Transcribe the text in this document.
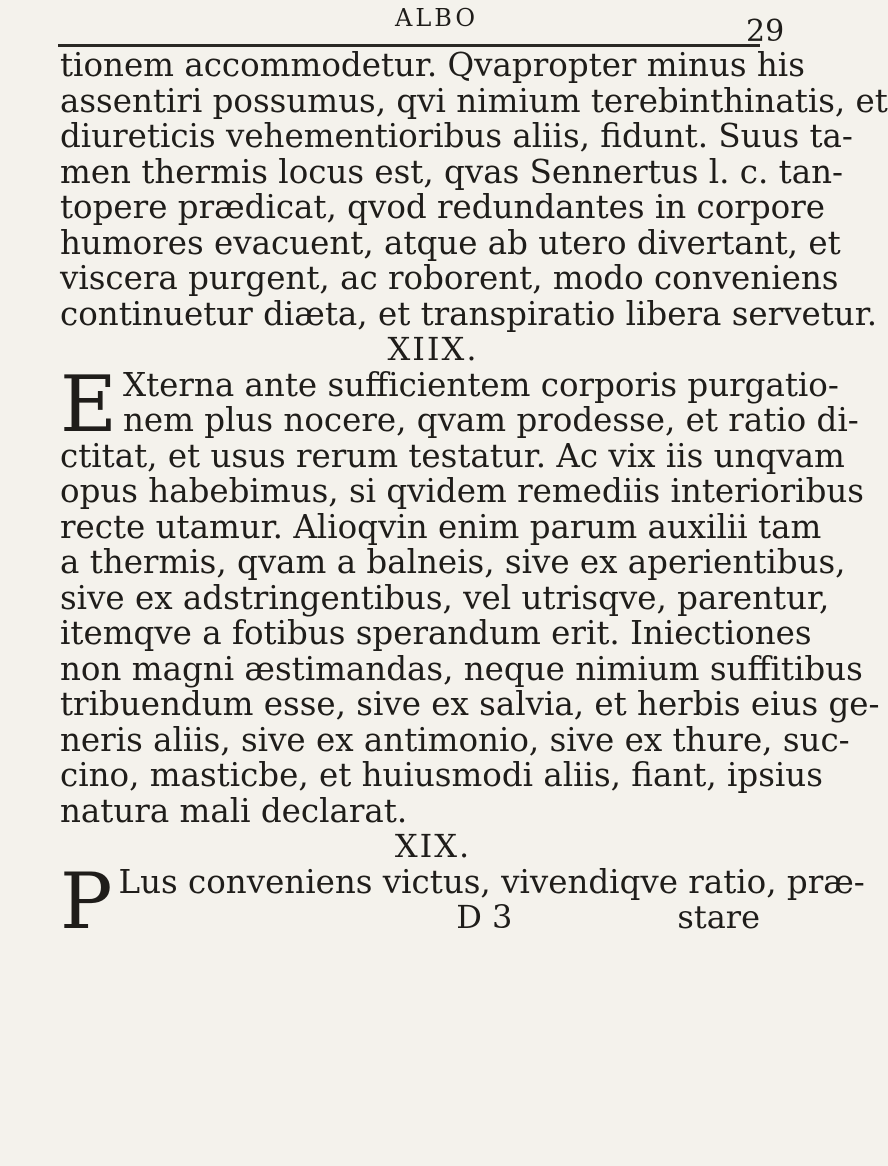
ALBO	29
tionem accommodetur. Qvapropter minus his
assentiri possumus, qvi nimium terebinthinatis, et
diureticis vehementioribus aliis, fidunt. Suus ta-
men thermis locus est, qvas Sennertus l. c. tan-
topere prædicat, qvod redundantes in corpore
humores evacuent, atque ab utero divertant, et
viscera purgent, ac roborent, modo conveniens
continuetur diæta, et transpiratio libera servetur.
XIIX.
E Xterna ante sufficientem corporis purgatio-
nem plus nocere, qvam prodesse, et ratio di-
ctitat, et usus rerum testatur. Ac vix iis unqvam
opus habebimus, si qvidem remediis interioribus
recte utamur. Alioqvin enim parum auxilii tam
a thermis, qvam a balneis, sive ex aperientibus,
sive ex adstringentibus, vel utrisqve, parentur,
itemqve a fotibus sperandum erit. Iniectiones
non magni æstimandas, neque nimium suffitibus
tribuendum esse, sive ex salvia, et herbis eius ge-
neris aliis, sive ex antimonio, sive ex thure, suc-
cino, masticbe, et huiusmodi aliis, fiant, ipsius
natura mali declarat.
XIX.
P Lus conveniens victus, vivendiqve ratio, præ-
D 3	stare
